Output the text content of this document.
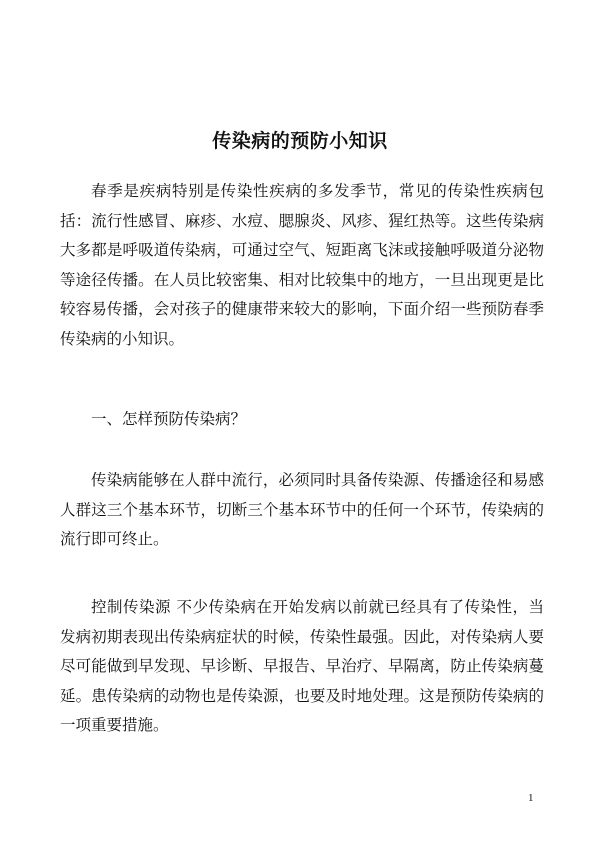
传染病的预防小知识

春季是疾病特别是传染性疾病的多发季节，常见的传染性疾病包括：流行性感冒、麻疹、水痘、腮腺炎、风疹、猩红热等。这些传染病大多都是呼吸道传染病，可通过空气、短距离飞沫或接触呼吸道分泌物等途径传播。在人员比较密集、相对比较集中的地方，一旦出现更是比较容易传播，会对孩子的健康带来较大的影响，下面介绍一些预防春季传染病的小知识。

一、怎样预防传染病？

传染病能够在人群中流行，必须同时具备传染源、传播途径和易感人群这三个基本环节，切断三个基本环节中的任何一个环节，传染病的流行即可终止。

控制传染源 不少传染病在开始发病以前就已经具有了传染性，当发病初期表现出传染病症状的时候，传染性最强。因此，对传染病人要尽可能做到早发现、早诊断、早报告、早治疗、早隔离，防止传染病蔓延。患传染病的动物也是传染源，也要及时地处理。这是预防传染病的一项重要措施。

1
